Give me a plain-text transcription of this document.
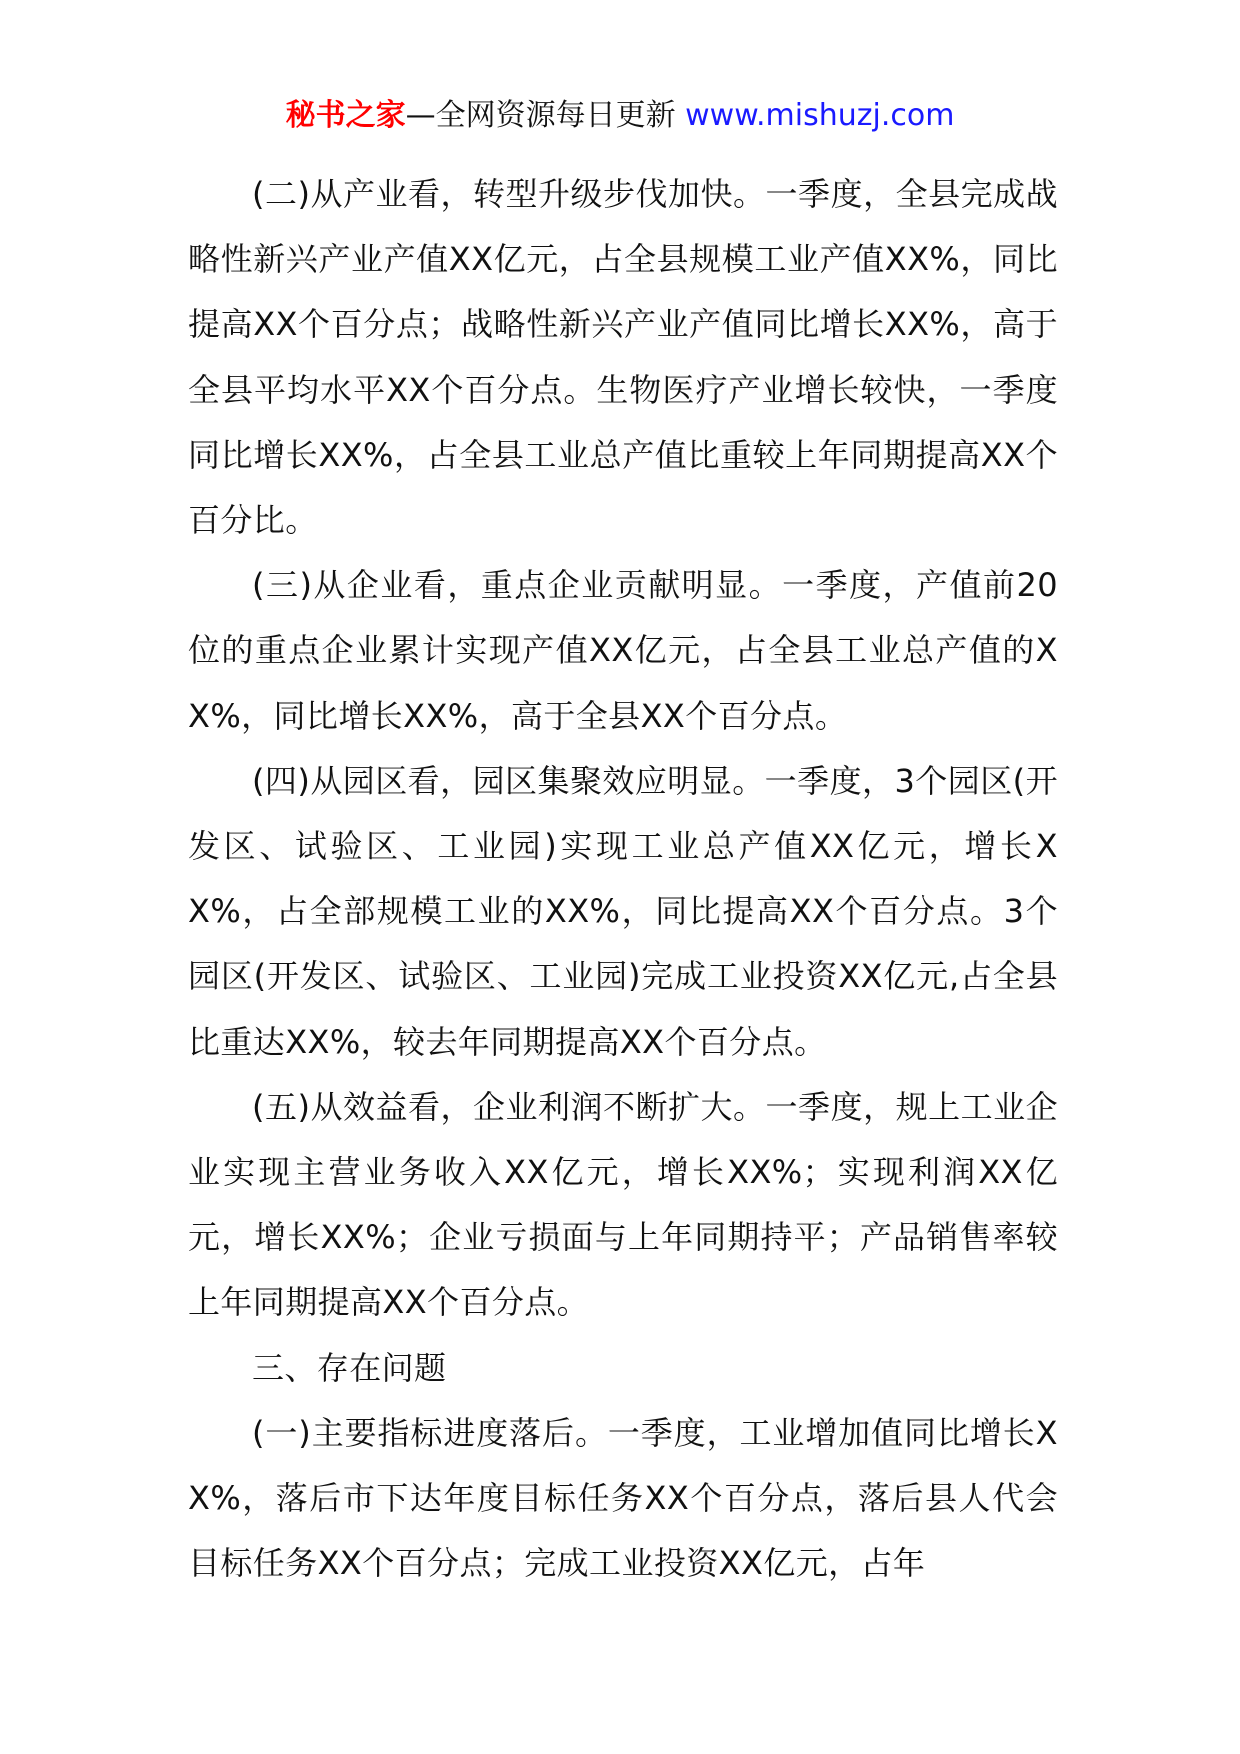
秘书之家—全网资源每日更新 www.mishuzj.com

(二)从产业看，转型升级步伐加快。一季度，全县完成战略性新兴产业产值XX亿元，占全县规模工业产值XX%，同比提高XX个百分点；战略性新兴产业产值同比增长XX%，高于全县平均水平XX个百分点。生物医疗产业增长较快，一季度同比增长XX%，占全县工业总产值比重较上年同期提高XX个百分比。

(三)从企业看，重点企业贡献明显。一季度，产值前20位的重点企业累计实现产值XX亿元，占全县工业总产值的XX%，同比增长XX%，高于全县XX个百分点。

(四)从园区看，园区集聚效应明显。一季度，3个园区(开发区、试验区、工业园)实现工业总产值XX亿元，增长XX%，占全部规模工业的XX%，同比提高XX个百分点。3个园区(开发区、试验区、工业园)完成工业投资XX亿元,占全县比重达XX%，较去年同期提高XX个百分点。

(五)从效益看，企业利润不断扩大。一季度，规上工业企业实现主营业务收入XX亿元，增长XX%；实现利润XX亿元，增长XX%；企业亏损面与上年同期持平；产品销售率较上年同期提高XX个百分点。

三、存在问题

(一)主要指标进度落后。一季度，工业增加值同比增长XX%，落后市下达年度目标任务XX个百分点，落后县人代会目标任务XX个百分点；完成工业投资XX亿元，占年
